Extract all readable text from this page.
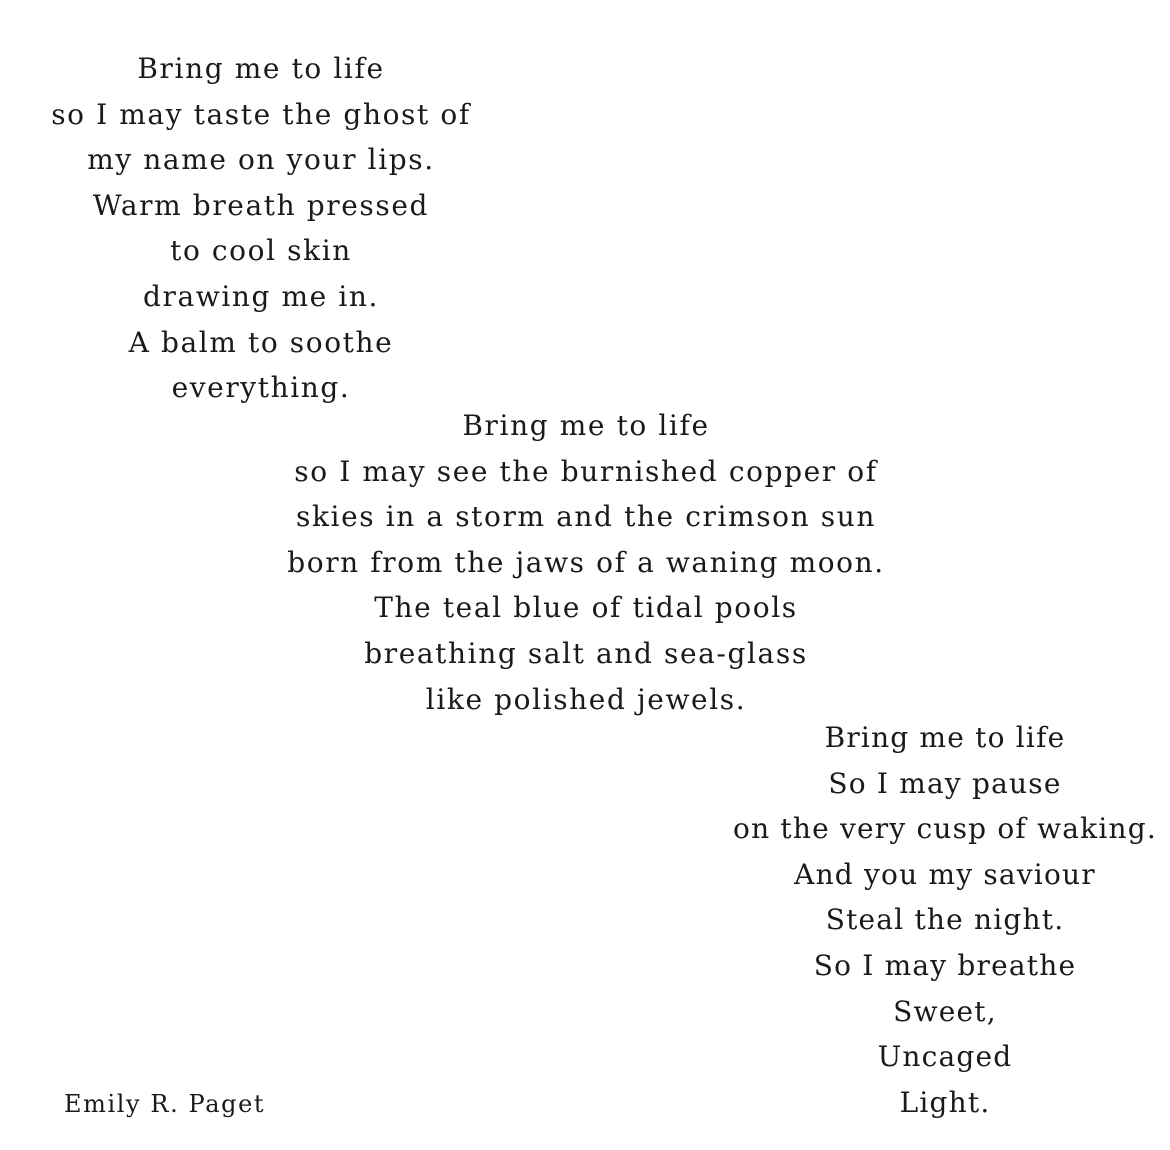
Bring me to life
so I may taste the ghost of
my name on your lips.
Warm breath pressed
to cool skin
drawing me in.
A balm to soothe
everything.
Bring me to life
so I may see the burnished copper of
skies in a storm and the crimson sun
born from the jaws of a waning moon.
The teal blue of tidal pools
breathing salt and sea-glass
like polished jewels.
Bring me to life
So I may pause
on the very cusp of waking.
And you my saviour
Steal the night.
So I may breathe
Sweet,
Uncaged
Light.
Emily R. Paget
